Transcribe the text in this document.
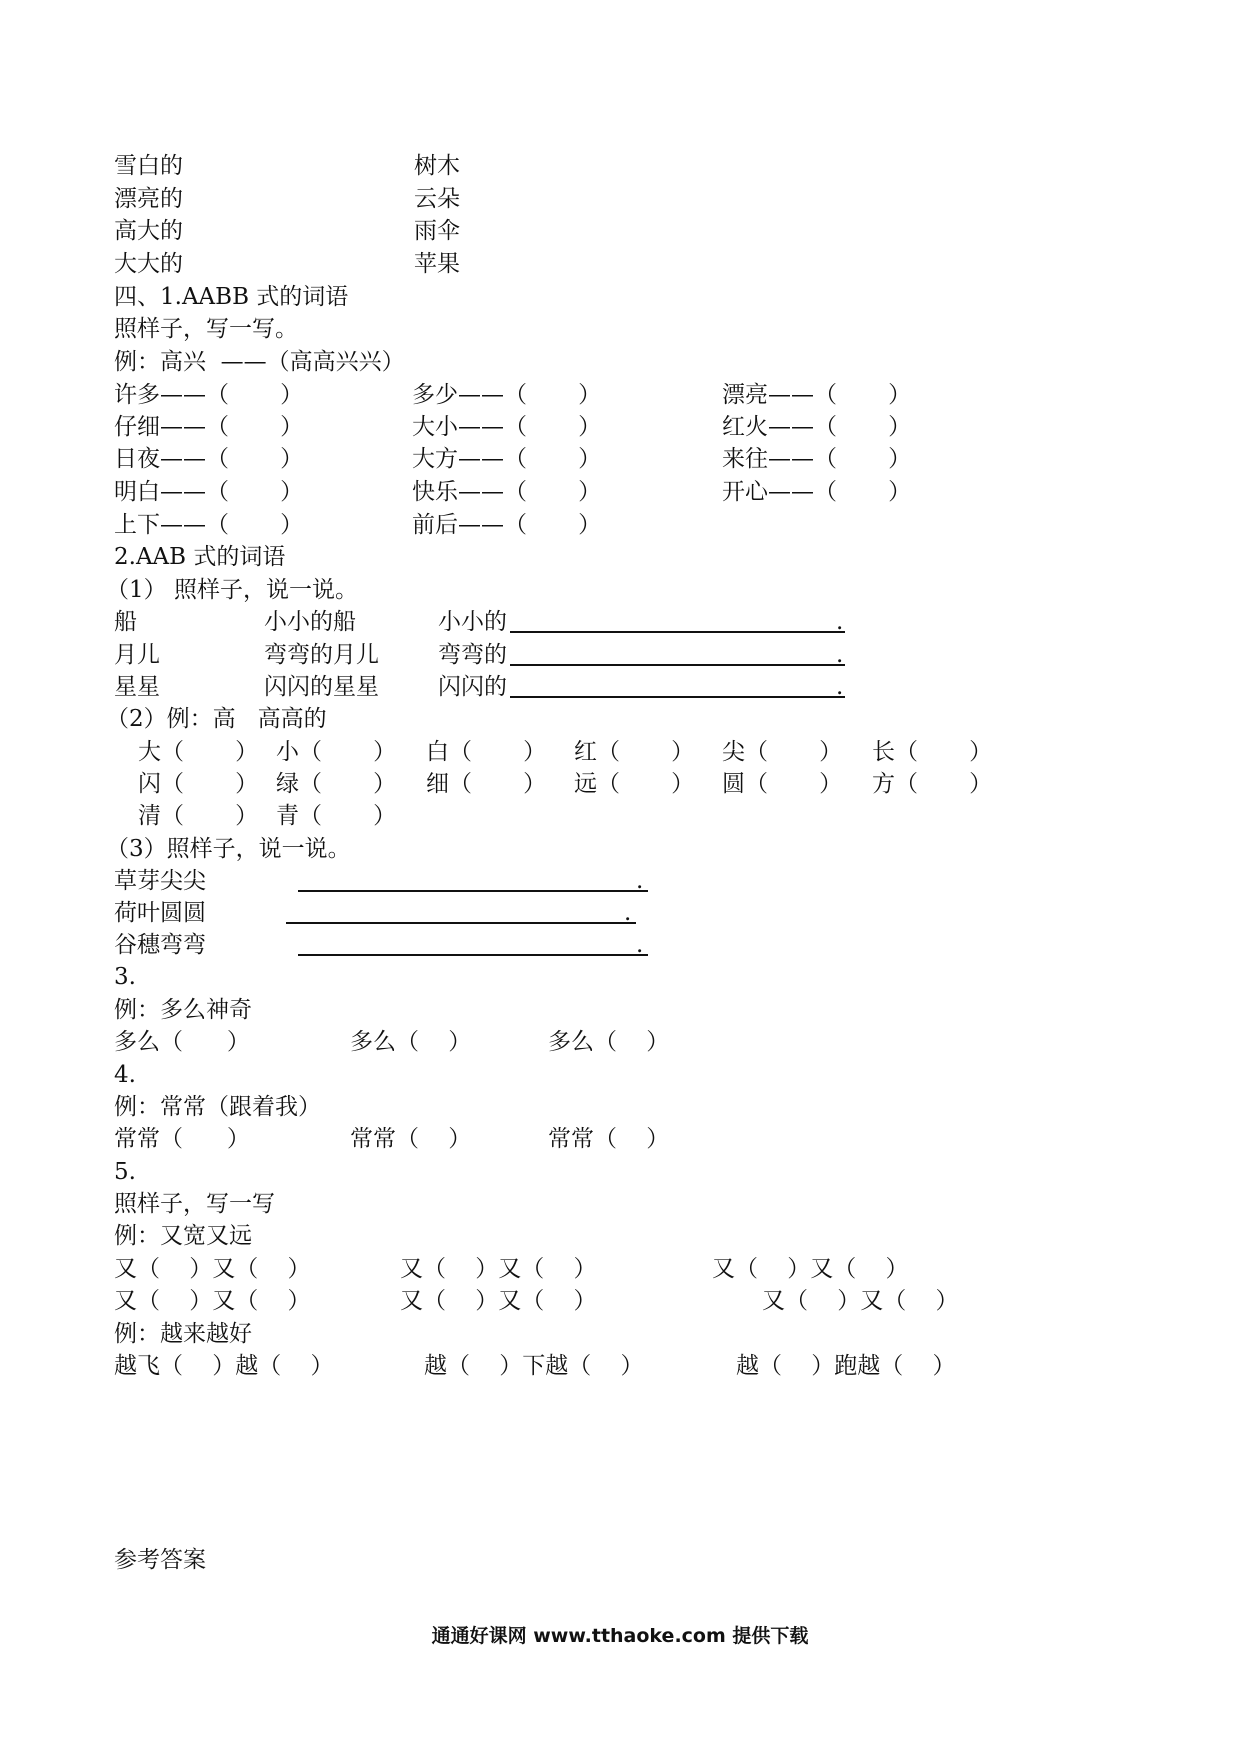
雪白的	树木
漂亮的	云朵
高大的	雨伞
大大的	苹果
四、1.AABB 式的词语
照样子，写一写。
例：高兴  ——（高高兴兴）
许多——（       ）	多少——（       ）	漂亮——（       ）
仔细——（       ）	大小——（       ）	红火——（       ）
日夜——（       ）	大方——（       ）	来往——（       ）
明白——（       ）	快乐——（       ）	开心——（       ）
上下——（       ）	前后——（       ）
2.AAB 式的词语
（1） 照样子，说一说。
船	小小的船	小小的	.
月儿	弯弯的月儿	弯弯的	.
星星	闪闪的星星	闪闪的	.
（2）例：高   高高的
大（       ） 小（       ） 白（       ） 红（       ） 尖（       ） 长（       ）
闪（       ） 绿（       ） 细（       ） 远（       ） 圆（       ） 方（       ）
清（       ） 青（       ）
（3）照样子，说一说。
草芽尖尖	.
荷叶圆圆	.
谷穗弯弯	.
3.
例：多么神奇
多么（      ）	多么（    ）	多么（    ）
4.
例：常常（跟着我）
常常（      ）	常常（    ）	常常（    ）
5.
照样子，写一写
例：又宽又远
又（    ）又（    ）	又（    ）又（    ）	又（    ）又（    ）
又（    ）又（    ）	又（    ）又（    ）	又（    ）又（    ）
例：越来越好
越飞（    ）越（    ）	越（    ）下越（    ）	越（    ）跑越（    ）
参考答案
通通好课网 www.tthaoke.com 提供下载
